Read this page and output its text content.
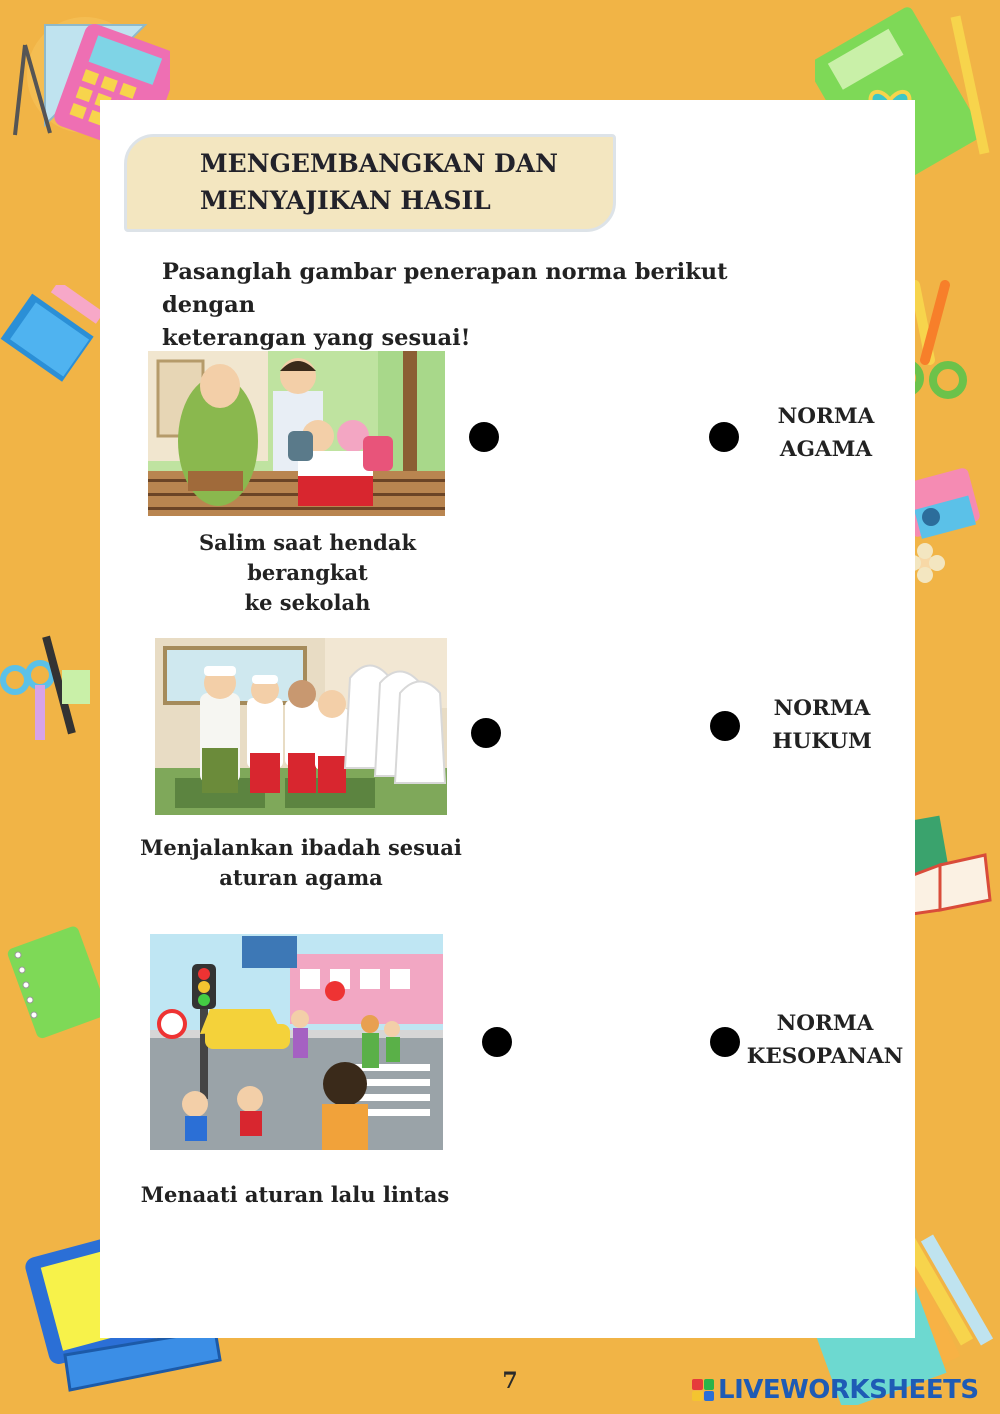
MENGEMBANGKAN DAN
MENYAJIKAN HASIL
Pasanglah gambar penerapan norma berikut dengan
keterangan yang sesuai!
Salim saat hendak berangkat
ke sekolah
Menjalankan ibadah sesuai
aturan agama
Menaati aturan lalu lintas
NORMA
AGAMA
NORMA
HUKUM
NORMA
KESOPANAN
7	LIVEWORKSHEETS
